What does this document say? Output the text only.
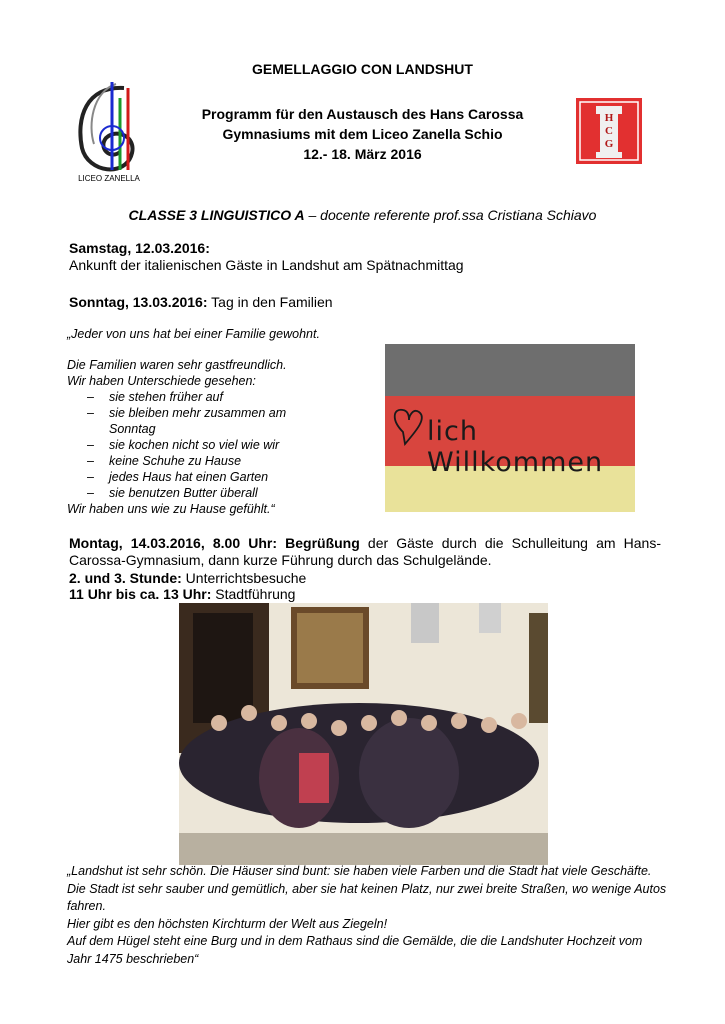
GEMELLAGGIO CON LANDSHUT
LICEO ZANELLA
Programm für den Austausch des Hans Carossa
Gymnasiums mit dem Liceo Zanella Schio
12.- 18. März 2016
H
C
G
CLASSE 3 LINGUISTICO A – docente referente prof.ssa Cristiana Schiavo
Samstag, 12.03.2016:
Ankunft der italienischen Gäste in Landshut am Spätnachmittag
Sonntag, 13.03.2016: Tag in den Familien
„Jeder von uns hat bei einer Familie gewohnt.
Die Familien waren sehr gastfreundlich.
Wir haben Unterschiede gesehen:
– sie stehen früher auf
– sie bleiben mehr zusammen am Sonntag
– sie kochen nicht so viel wie wir
– keine Schuhe zu Hause
– jedes Haus hat einen Garten
– sie benutzen Butter überall
Wir haben uns wie zu Hause gefühlt.“
lich Willkommen
Montag, 14.03.2016, 8.00 Uhr: Begrüßung der Gäste durch die Schulleitung am Hans-Carossa-Gymnasium, dann kurze Führung durch das Schulgelände.
2. und 3. Stunde: Unterrichtsbesuche
11 Uhr bis ca. 13 Uhr: Stadtführung
„Landshut ist sehr schön. Die Häuser sind bunt: sie haben viele Farben und die Stadt hat viele Geschäfte.
Die Stadt ist sehr sauber und gemütlich, aber sie hat keinen Platz, nur zwei breite Straßen, wo wenige Autos fahren.
Hier gibt es den höchsten Kirchturm der Welt aus Ziegeln!
Auf dem Hügel steht eine Burg und in dem Rathaus sind die Gemälde, die die Landshuter Hochzeit vom Jahr 1475 beschrieben“
